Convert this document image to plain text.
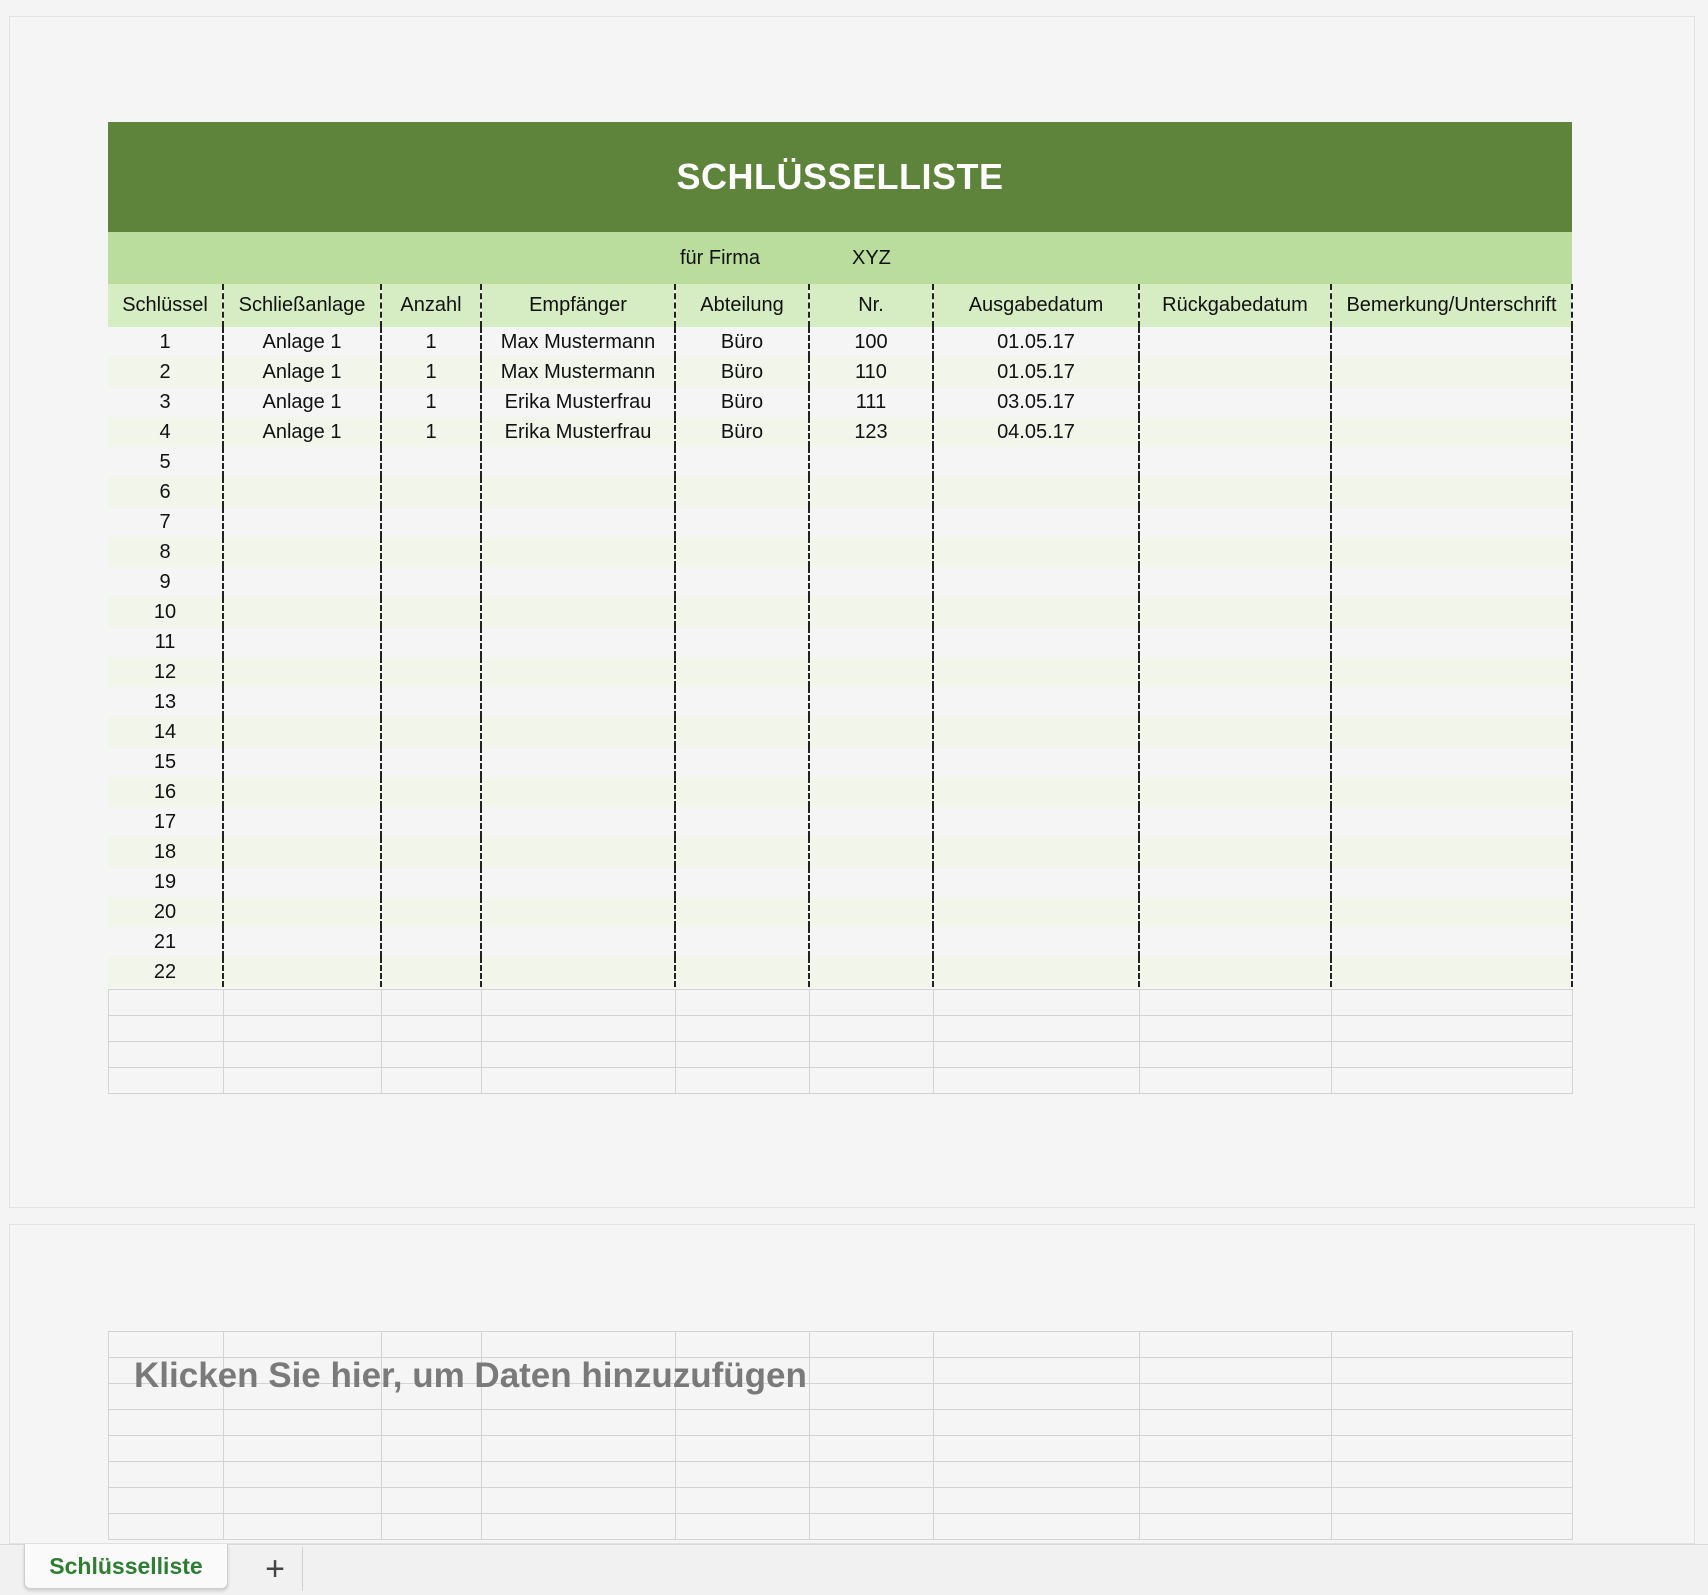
SCHLÜSSELLISTE
für Firma	XYZ
Schlüssel	Schließanlage	Anzahl	Empfänger	Abteilung	Nr.	Ausgabedatum	Rückgabedatum	Bemerkung/Unterschrift
1	Anlage 1	1	Max Mustermann	Büro	100	01.05.17		
2	Anlage 1	1	Max Mustermann	Büro	110	01.05.17		
3	Anlage 1	1	Erika Musterfrau	Büro	111	03.05.17		
4	Anlage 1	1	Erika Musterfrau	Büro	123	04.05.17		
5								
6								
7								
8								
9								
10								
11								
12								
13								
14								
15								
16								
17								
18								
19								
20								
21								
22								

Klicken Sie hier, um Daten hinzuzufügen
Schlüsselliste +
